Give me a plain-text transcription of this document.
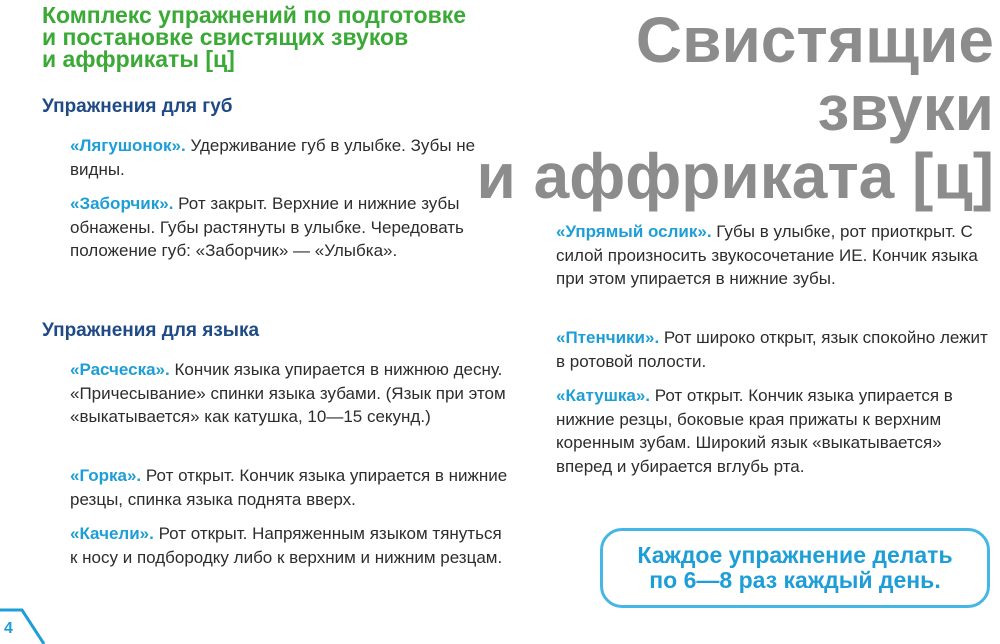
Комплекс упражнений по подготовке
и постановке свистящих звуков
и аффрикаты [ц]	Свистящие
звуки
и аффриката [ц]
Упражнения для губ

«Лягушонок». Удерживание губ в улыбке. Зубы не видны.

«Заборчик». Рот закрыт. Верхние и нижние зубы обнажены. Губы растянуты в улыбке. Чередовать положение губ: «Заборчик» — «Улыбка».

Упражнения для языка

«Расческа». Кончик языка упирается в нижнюю десну. «Причесывание» спинки языка зубами. (Язык при этом «выкатывается» как катушка, 10—15 секунд.)

«Горка». Рот открыт. Кончик языка упирается в нижние резцы, спинка языка поднята вверх.

«Качели». Рот открыт. Напряженным языком тянуться к носу и подбородку либо к верхним и нижним резцам.

«Упрямый ослик». Губы в улыбке, рот приоткрыт. С силой произносить звукосочетание ИЕ. Кончик языка при этом упирается в нижние зубы.

«Птенчики». Рот широко открыт, язык спокойно лежит в ротовой полости.

«Катушка». Рот открыт. Кончик языка упирается в нижние резцы, боковые края прижаты к верхним коренным зубам. Широкий язык «выкатывается» вперед и убирается вглубь рта.

Каждое упражнение делать
по 6—8 раз каждый день.
4
